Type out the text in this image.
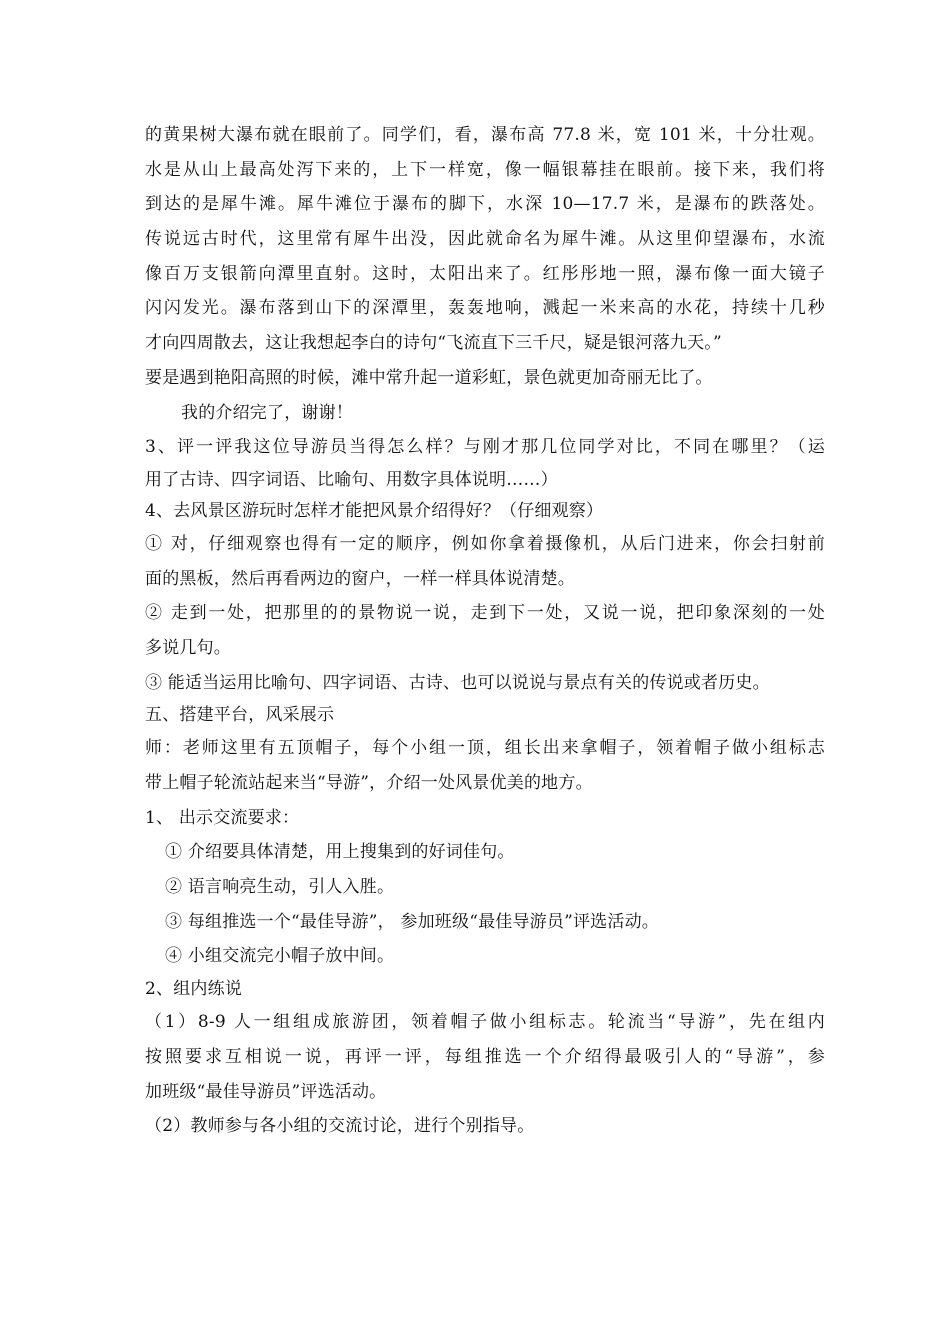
的黄果树大瀑布就在眼前了。同学们，看，瀑布高 77.8 米，宽 101 米，十分壮观。
水是从山上最高处泻下来的，上下一样宽，像一幅银幕挂在眼前。接下来，我们将
到达的是犀牛滩。犀牛滩位于瀑布的脚下，水深 10—17.7 米，是瀑布的跌落处。
传说远古时代，这里常有犀牛出没，因此就命名为犀牛滩。从这里仰望瀑布，水流
像百万支银箭向潭里直射。这时，太阳出来了。红彤彤地一照，瀑布像一面大镜子
闪闪发光。瀑布落到山下的深潭里，轰轰地响，溅起一米来高的水花，持续十几秒
才向四周散去，这让我想起李白的诗句“飞流直下三千尺，疑是银河落九天。”
要是遇到艳阳高照的时候，滩中常升起一道彩虹，景色就更加奇丽无比了。
我的介绍完了，谢谢！
3、评一评我这位导游员当得怎么样？与刚才那几位同学对比，不同在哪里？（运
用了古诗、四字词语、比喻句、用数字具体说明……）
4、去风景区游玩时怎样才能把风景介绍得好？（仔细观察）
① 对，仔细观察也得有一定的顺序，例如你拿着摄像机，从后门进来，你会扫射前
面的黑板，然后再看两边的窗户，一样一样具体说清楚。
② 走到一处，把那里的的景物说一说，走到下一处，又说一说，把印象深刻的一处
多说几句。
③ 能适当运用比喻句、四字词语、古诗、也可以说说与景点有关的传说或者历史。
五、搭建平台，风采展示
师：老师这里有五顶帽子，每个小组一顶，组长出来拿帽子，领着帽子做小组标志
带上帽子轮流站起来当“导游”，介绍一处风景优美的地方。
1、 出示交流要求：
① 介绍要具体清楚，用上搜集到的好词佳句。
② 语言响亮生动，引人入胜。
③ 每组推选一个“最佳导游”， 参加班级“最佳导游员”评选活动。
④ 小组交流完小帽子放中间。
2、组内练说
（1）8-9 人一组组成旅游团，领着帽子做小组标志。轮流当“导游”，先在组内
按照要求互相说一说，再评一评，每组推选一个介绍得最吸引人的“导游”，参
加班级“最佳导游员”评选活动。
（2）教师参与各小组的交流讨论，进行个别指导。
